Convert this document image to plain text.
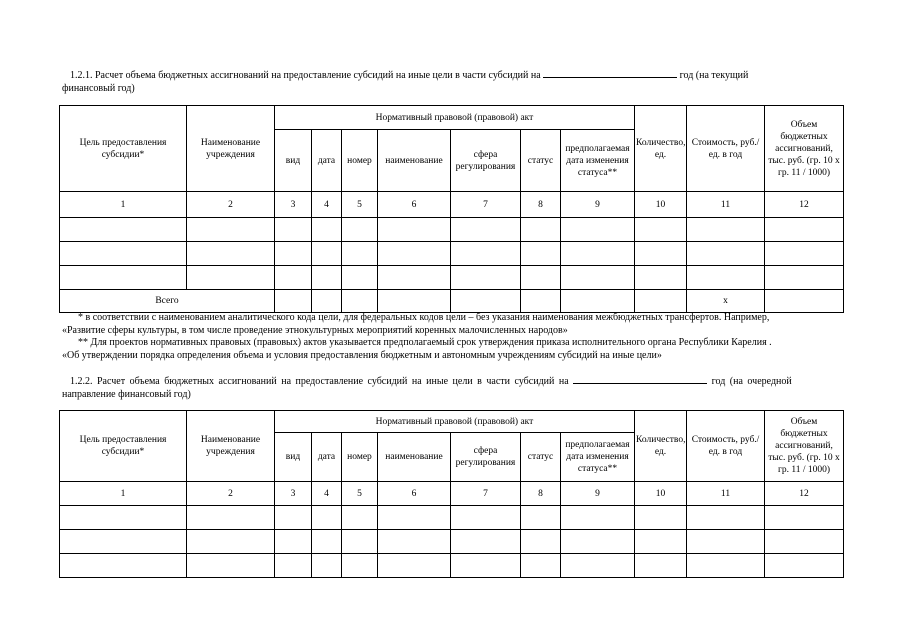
1.2.1. Расчет объема бюджетных ассигнований на предоставление субсидий на иные цели в части субсидий на	год (на текущий
финансовый год)
Цель предоставления субсидии*	Наименование учреждения	Нормативный правовой (правовой) акт							Количество, ед.	Стоимость, руб./ед. в год	Объем бюджетных ассигнований, тыс. руб. (гр. 10 х гр. 11 / 1000)
		вид	дата	номер	наименование	сфера регулирования	статус	предполагаемая дата изменения статуса**			
1	2	3	4	5	6	7	8	9	10	11	12

Всего										х	
* в соответствии с наименованием аналитического кода цели, для федеральных кодов цели – без указания наименования межбюджетных трансфертов. Например,
«Развитие сферы культуры, в том числе проведение этнокультурных мероприятий коренных малочисленных народов»
** Для проектов нормативных правовых (правовых) актов указывается предполагаемый срок утверждения приказа исполнительного органа Республики Карелия .
«Об утверждении порядка определения объема и условия предоставления бюджетным и автономным учреждениям субсидий на иные цели»
1.2.2. Расчет объема бюджетных ассигнований на предоставление субсидий на иные цели в части субсидий на	год (на очередной
направление финансовый год)
Цель предоставления субсидии*	Наименование учреждения	Нормативный правовой (правовой) акт							Количество, ед.	Стоимость, руб./ед. в год	Объем бюджетных ассигнований, тыс. руб. (гр. 10 х гр. 11 / 1000)
		вид	дата	номер	наименование	сфера регулирования	статус	предполагаемая дата изменения статуса**			
1	2	3	4	5	6	7	8	9	10	11	12
